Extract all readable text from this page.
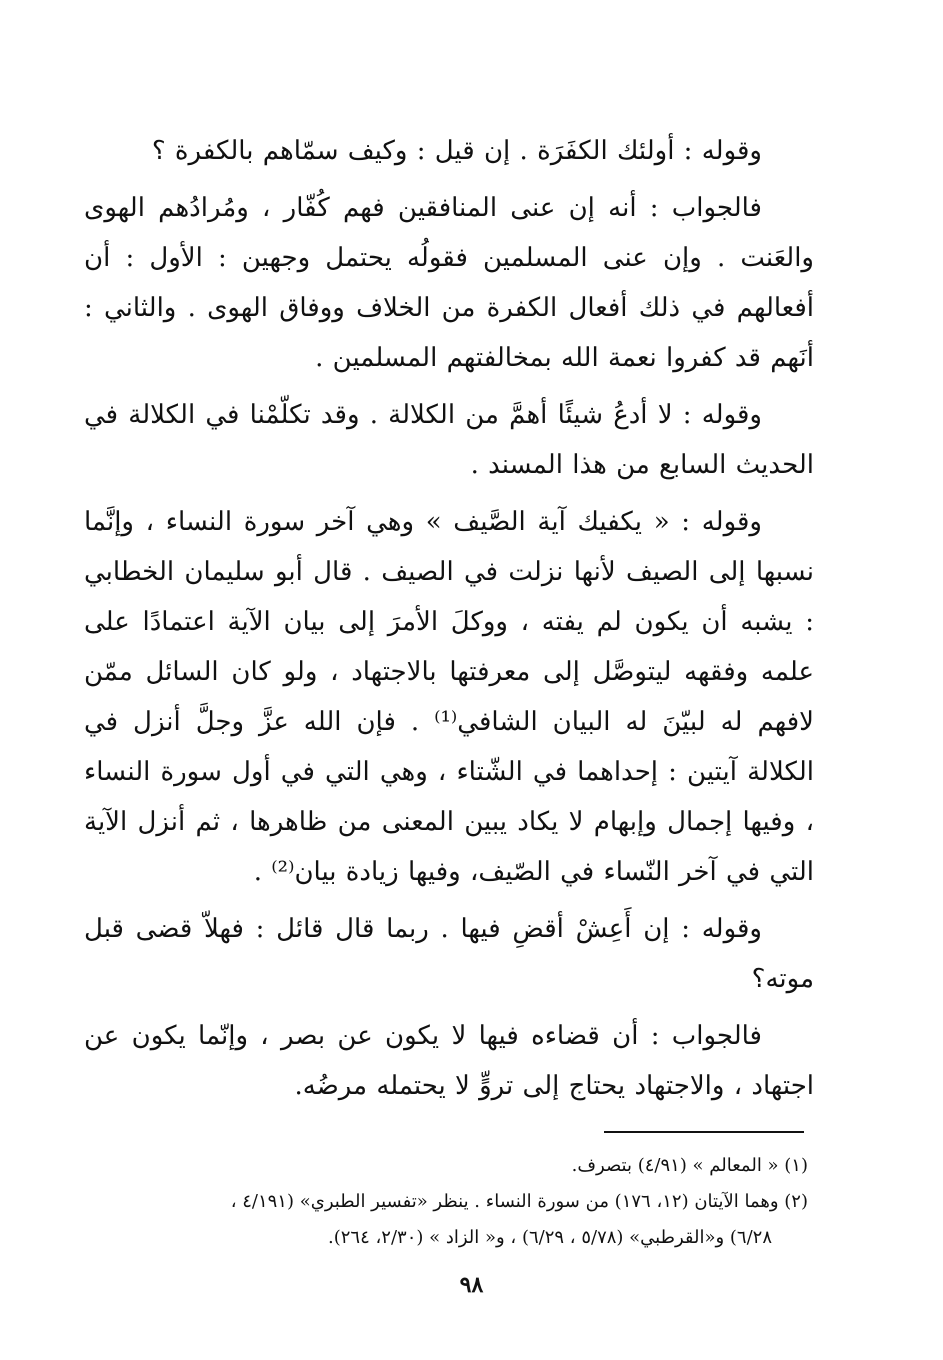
وقوله : أولئك الكفَرَة . إن قيل : وكيف سمّاهم بالكفرة ؟

فالجواب : أنه إن عنى المنافقين فهم كُفّار ، ومُرادُهم الهوى والعَنت . وإن عنى المسلمين فقولُه يحتمل وجهين : الأول : أن أفعالهم في ذلك أفعال الكفرة من الخلاف ووفاق الهوى . والثاني : أنَهم قد كفروا نعمة الله بمخالفتهم المسلمين .

وقوله : لا أدعُ شيئًا أهمَّ من الكلالة . وقد تكلّمْنا في الكلالة في الحديث السابع من هذا المسند .

وقوله : « يكفيك آية الصَّيف » وهي آخر سورة النساء ، وإنَّما نسبها إلى الصيف لأنها نزلت في الصيف . قال أبو سليمان الخطابي : يشبه أن يكون لم يفته ، ووكلَ الأمرَ إلى بيان الآية اعتمادًا على علمه وفقهه ليتوصَّل إلى معرفتها بالاجتهاد ، ولو كان السائل ممّن لافهم له لبيّنَ له البيان الشافي⁽¹⁾ . فإن الله عزَّ وجلَّ أنزل في الكلالة آيتين : إحداهما في الشّتاء ، وهي التي في أول سورة النساء ، وفيها إجمال وإبهام لا يكاد يبين المعنى من ظاهرها ، ثم أنزل الآية التي في آخر النّساء في الصّيف، وفيها زيادة بيان⁽²⁾ .

وقوله : إن أَعِشْ أقضِ فيها . ربما قال قائل : فهلاّ قضى قبل موته؟

فالجواب : أن قضاءه فيها لا يكون عن بصر ، وإنّما يكون عن اجتهاد ، والاجتهاد يحتاج إلى تروٍّ لا يحتمله مرضُه.

(١) « المعالم » (٤/٩١) بتصرف.

(٢) وهما الآيتان (١٢، ١٧٦) من سورة النساء . ينظر «تفسير الطبري» (٤/١٩١ ،

٦/٢٨) و«القرطبي» (٥/٧٨ ، ٦/٢٩) ، و« الزاد » (٢/٣٠، ٢٦٤).

٩٨
